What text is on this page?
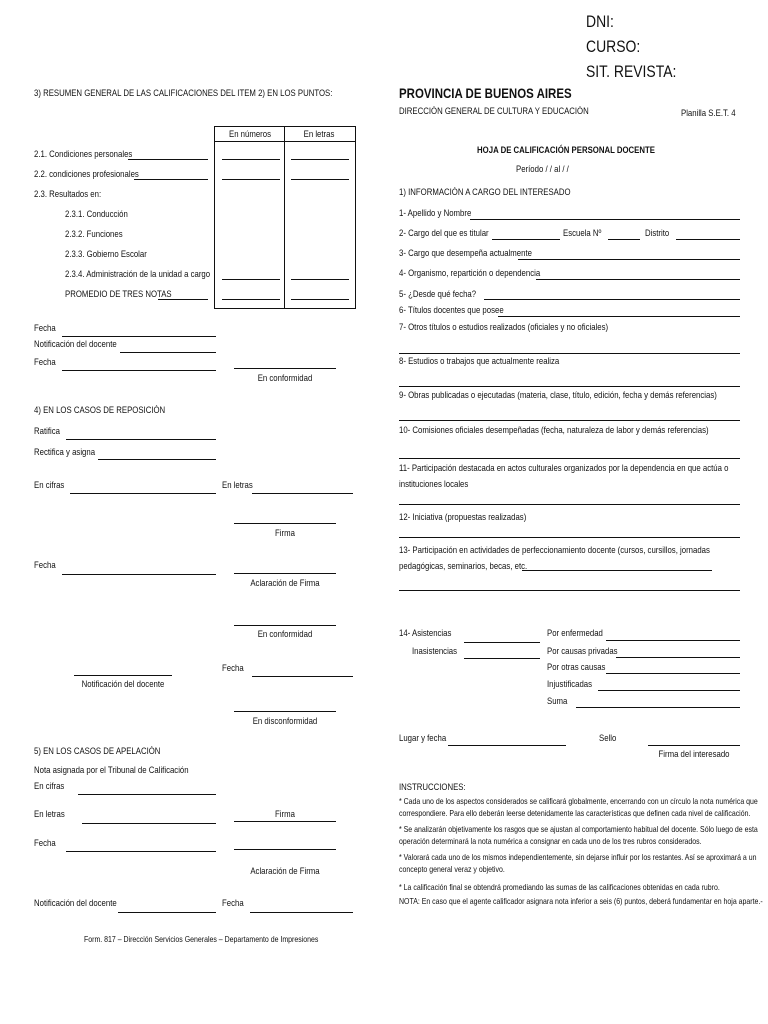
DNI:
CURSO:
SIT. REVISTA:
3) RESUMEN GENERAL DE LAS CALIFICACIONES DEL ITEM 2) EN LOS PUNTOS:
En números	En letras
2.1. Condiciones personales
2.2. condiciones profesionales
2.3. Resultados en:
2.3.1. Conducción
2.3.2. Funciones
2.3.3. Gobierno Escolar
2.3.4. Administración de la unidad a cargo
PROMEDIO DE TRES NOTAS
Fecha
Notificación del docente
Fecha
En conformidad
4) EN LOS CASOS DE REPOSICIÓN
Ratifica
Rectifica y asigna
En cifras	En letras
Firma
Fecha
Aclaración de Firma
En conformidad
Notificación del docente
Fecha
En disconformidad
5) EN LOS CASOS DE APELACIÓN
Nota asignada por el Tribunal de Calificación
En cifras
En letras	Firma
Fecha
Aclaración de Firma
Notificación del docente	Fecha
Form. 817 – Dirección Servicios Generales – Departamento de Impresiones
PROVINCIA DE BUENOS AIRES
DIRECCIÓN GENERAL DE CULTURA Y EDUCACIÓN	Planilla S.E.T. 4
HOJA DE CALIFICACIÓN PERSONAL DOCENTE
Período / / al / /
1) INFORMACIÓN A CARGO DEL INTERESADO
1- Apellido y Nombre
2- Cargo del que es titular	Escuela Nº	Distrito
3- Cargo que desempeña actualmente
4- Organismo, repartición o dependencia
5- ¿Desde qué fecha?
6- Títulos docentes que posee
7- Otros títulos o estudios realizados (oficiales y no oficiales)
8- Estudios o trabajos que actualmente realiza
9- Obras publicadas o ejecutadas (materia, clase, título, edición, fecha y demás referencias)
10- Comisiones oficiales desempeñadas (fecha, naturaleza de labor y demás referencias)
11- Participación destacada en actos culturales organizados por la dependencia en que actúa o
instituciones locales
12- Iniciativa (propuestas realizadas)
13- Participación en actividades de perfeccionamiento docente (cursos, cursillos, jornadas
pedagógicas, seminarios, becas, etc.
14- Asistencias
Inasistencias
Por enfermedad
Por causas privadas
Por otras causas
Injustificadas
Suma
Lugar y fecha	Sello
Firma del interesado
INSTRUCCIONES:
* Cada uno de los aspectos considerados se calificará globalmente, encerrando con un círculo la nota numérica que
correspondiere. Para ello deberán leerse detenidamente las características que definen cada nivel de calificación.
* Se analizarán objetivamente los rasgos que se ajustan al comportamiento habitual del docente. Sólo luego de esta
operación determinará la nota numérica a consignar en cada uno de los tres rubros considerados.
* Valorará cada uno de los mismos independientemente, sin dejarse influir por los restantes. Así se aproximará a un
concepto general veraz y objetivo.
* La calificación final se obtendrá promediando las sumas de las calificaciones obtenidas en cada rubro.
NOTA: En caso que el agente calificador asignara nota inferior a seis (6) puntos, deberá fundamentar en hoja aparte.-
